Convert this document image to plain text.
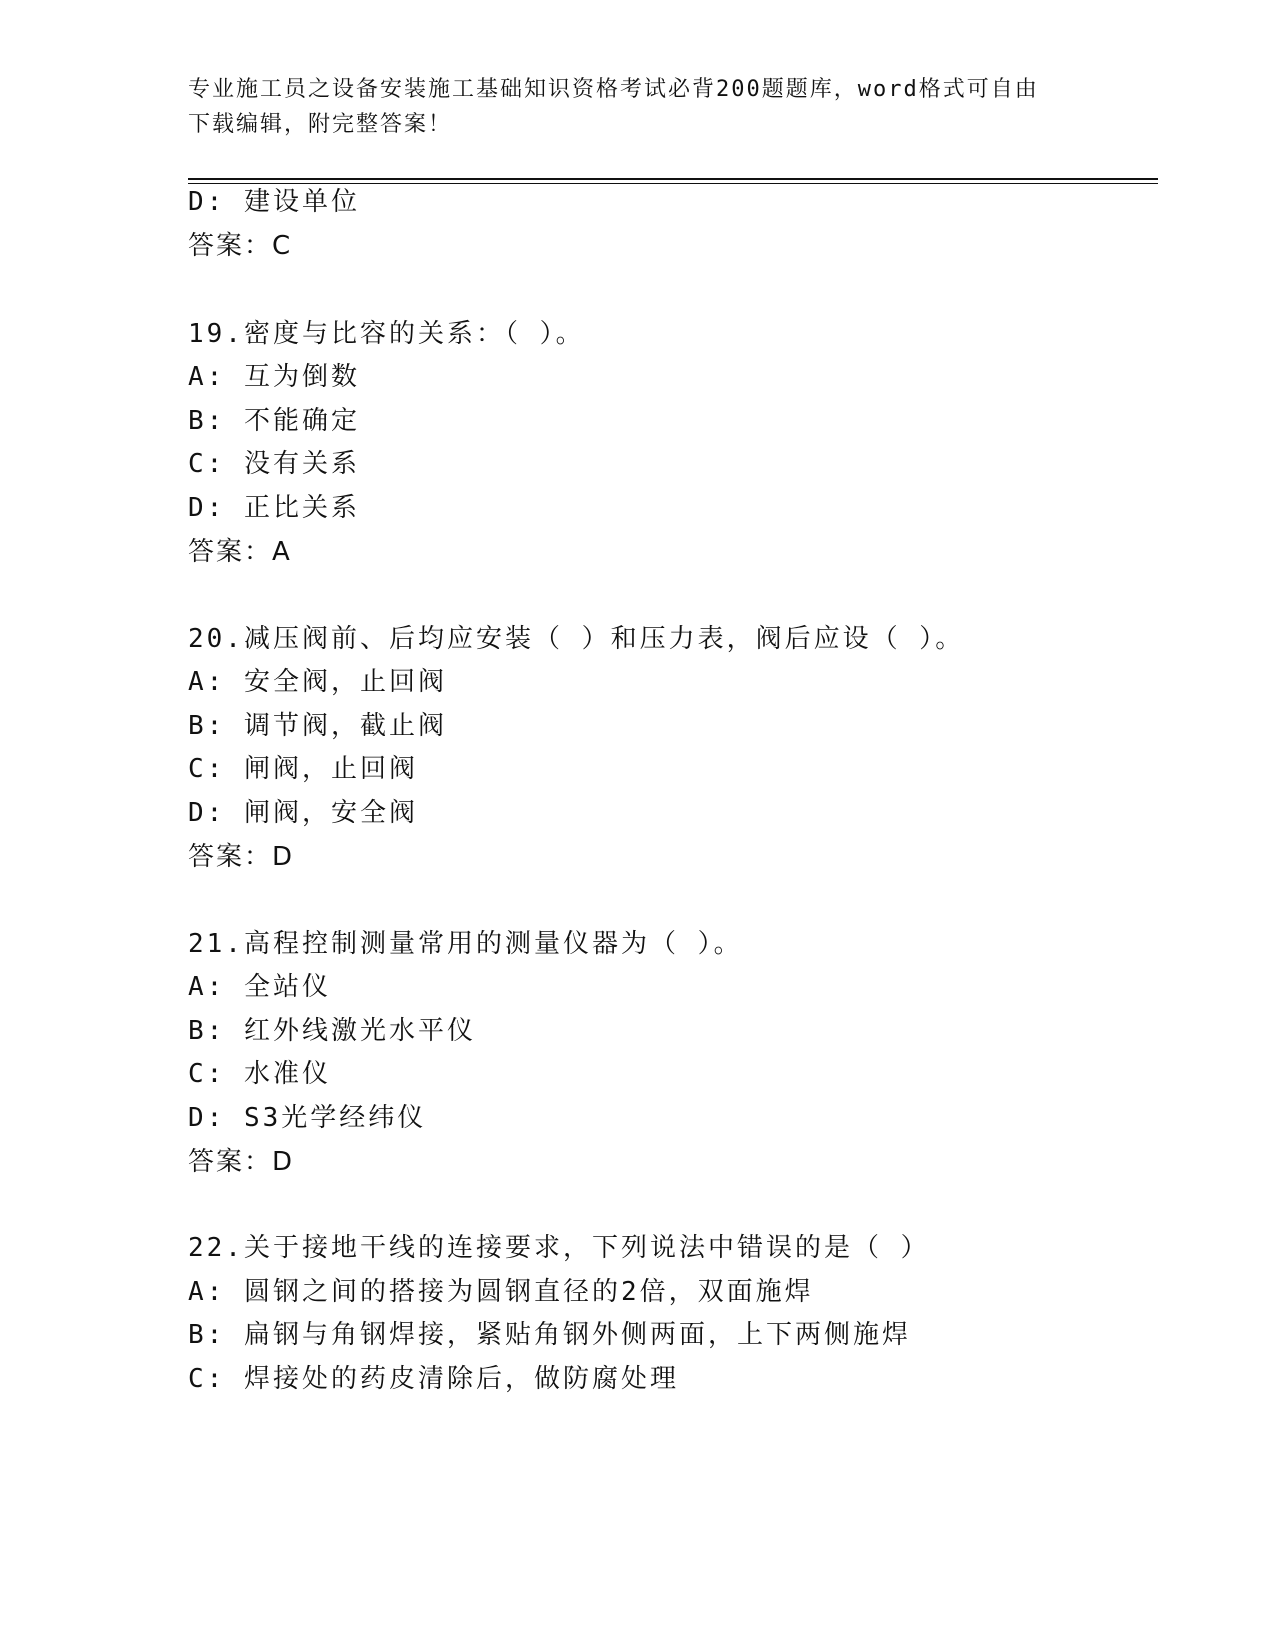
专业施工员之设备安装施工基础知识资格考试必背200题题库，word格式可自由
下载编辑，附完整答案！
D: 建设单位
答案：C
19.密度与比容的关系：（ ）。
A: 互为倒数
B: 不能确定
C: 没有关系
D: 正比关系
答案：A
20.减压阀前、后均应安装（ ）和压力表，阀后应设（ ）。
A: 安全阀，止回阀
B: 调节阀，截止阀
C: 闸阀，止回阀
D: 闸阀，安全阀
答案：D
21.高程控制测量常用的测量仪器为（ ）。
A: 全站仪
B: 红外线激光水平仪
C: 水准仪
D: S3光学经纬仪
答案：D
22.关于接地干线的连接要求，下列说法中错误的是（ ）
A: 圆钢之间的搭接为圆钢直径的2倍，双面施焊
B: 扁钢与角钢焊接，紧贴角钢外侧两面，上下两侧施焊
C: 焊接处的药皮清除后，做防腐处理
